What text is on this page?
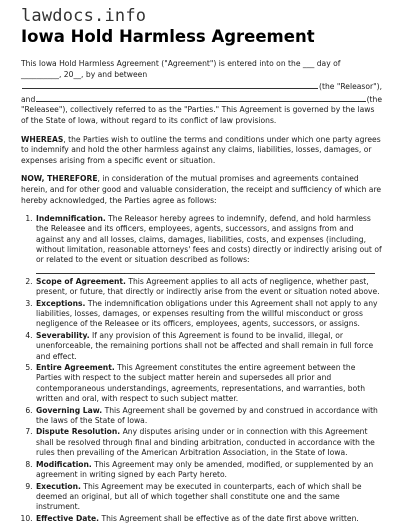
lawdocs.info
Iowa Hold Harmless Agreement
This Iowa Hold Harmless Agreement ("Agreement") is entered into on the ___ day of
__________, 20__, by and between
(the "Releasor"),
and	(the
"Releasee"), collectively referred to as the "Parties." This Agreement is governed by the laws of the State of Iowa, without regard to its conflict of law provisions.

WHEREAS, the Parties wish to outline the terms and conditions under which one party agrees to indemnify and hold the other harmless against any claims, liabilities, losses, damages, or expenses arising from a specific event or situation.

NOW, THEREFORE, in consideration of the mutual promises and agreements contained herein, and for other good and valuable consideration, the receipt and sufficiency of which are hereby acknowledged, the Parties agree as follows:

1. Indemnification. The Releasor hereby agrees to indemnify, defend, and hold harmless the Releasee and its officers, employees, agents, successors, and assigns from and against any and all losses, claims, damages, liabilities, costs, and expenses (including, without limitation, reasonable attorneys' fees and costs) directly or indirectly arising out of or related to the event or situation described as follows:
2. Scope of Agreement. This Agreement applies to all acts of negligence, whether past, present, or future, that directly or indirectly arise from the event or situation noted above.
3. Exceptions. The indemnification obligations under this Agreement shall not apply to any liabilities, losses, damages, or expenses resulting from the willful misconduct or gross negligence of the Releasee or its officers, employees, agents, successors, or assigns.
4. Severability. If any provision of this Agreement is found to be invalid, illegal, or unenforceable, the remaining portions shall not be affected and shall remain in full force and effect.
5. Entire Agreement. This Agreement constitutes the entire agreement between the Parties with respect to the subject matter herein and supersedes all prior and contemporaneous understandings, agreements, representations, and warranties, both written and oral, with respect to such subject matter.
6. Governing Law. This Agreement shall be governed by and construed in accordance with the laws of the State of Iowa.
7. Dispute Resolution. Any disputes arising under or in connection with this Agreement shall be resolved through final and binding arbitration, conducted in accordance with the rules then prevailing of the American Arbitration Association, in the State of Iowa.
8. Modification. This Agreement may only be amended, modified, or supplemented by an agreement in writing signed by each Party hereto.
9. Execution. This Agreement may be executed in counterparts, each of which shall be deemed an original, but all of which together shall constitute one and the same instrument.
10. Effective Date. This Agreement shall be effective as of the date first above written.
